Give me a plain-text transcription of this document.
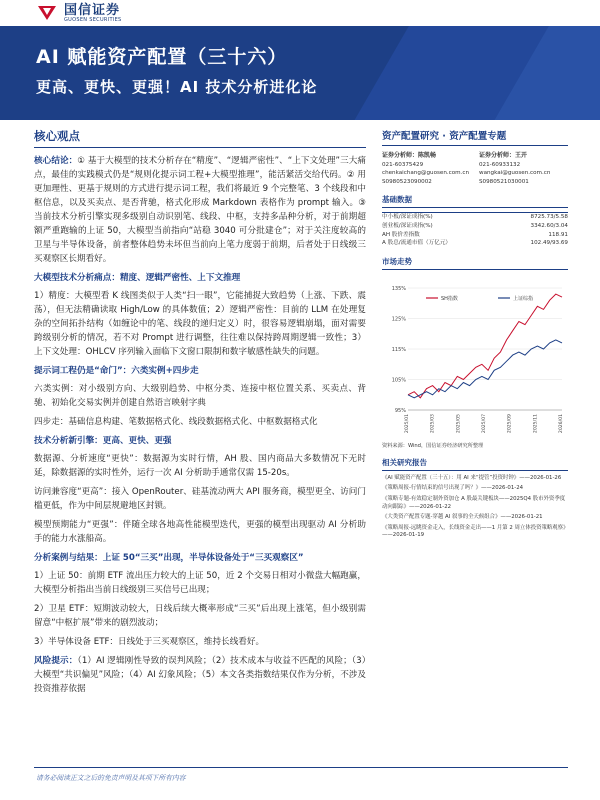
国信证券
GUOSEN SECURITIES
AI 赋能资产配置（三十六）
更高、更快、更强！AI 技术分析进化论
核心观点

核心结论：① 基于大模型的技术分析存在“精度”、“逻辑严密性”、“上下文处理”三大痛点，最佳的实践模式仍是“规则化提示词工程+大模型推理”，能活紧活交给代码。② 用更加理性、更基于规则的方式进行提示词工程，我们将最近 9 个完整笔、3 个线段和中枢信息，以及买卖点、是否背驰，格式化形成 Markdown 表格作为 prompt 输入。③ 当前技术分析引擎实现多级别自动识别笔、线段、中枢，支持多品种分析，对于前期超额严重跑输的上证 50，大模型当前指向“站稳 3040 可分批建仓”；对于关注度较高的卫星与半导体设备，前者整体趋势未坏但当前向上笔力度弱于前期，后者处于日线级三买观察区长期看好。

大模型技术分析痛点：精度、逻辑严密性、上下文推理

1）精度：大模型看 K 线图类似于人类“扫一眼”，它能捕捉大致趋势（上涨、下跌、震荡），但无法精确读取 High/Low 的具体数值；2）逻辑严密性：目前的 LLM 在处理复杂的空间拓扑结构（如缠论中的笔、线段的递归定义）时，很容易逻辑崩塌，面对需要跨级别分析的情况，若不对 Prompt 进行调整，往往难以保持跨周期逻辑一致性；3）上下文处理：OHLCV 序列输入面临下文窗口限制和数字敏感性缺失的问题。

提示词工程仍是“命门”：六类实例+四步走

六类实例：对小级别方向、大级别趋势、中枢分类、连接中枢位置关系、买卖点、背驰、初始化交易实例并创建自然语言映射字典

四步走：基础信息构建、笔数据格式化、线段数据格式化、中枢数据格式化

技术分析新引擎：更高、更快、更强

数据源、分析速度“更快”：数据源为实时行情，AH 股、国内商品大多数情况下无时延，除数据源的实时性外，运行一次 AI 分析助手通常仅需 15-20s。

访问兼容度“更高”：接入 OpenRouter、硅基流动两大 API 服务商，模型更全、访问门槛更低，作为中间层规避地区封锁。

模型预期能力“更强”：伴随全球各地高性能模型迭代，更强的模型出现驱动 AI 分析助手的能力水涨船高。

分析案例与结果：上证 50“三买”出现，半导体设备处于“三买观察区”

1）上证 50：前期 ETF 流出压力较大的上证 50，近 2 个交易日相对小微盘大幅跑赢，大模型分析指出当前日线级别三买信号已出现；

2）卫星 ETF：短期波动较大，日线后续大概率形成“三买”后出现上涨笔，但小级别需留意“中枢扩展”带来的剧烈波动；

3）半导体设备 ETF：日线处于三买观察区，维持长线看好。

风险提示：（1）AI 逻辑刚性导致的误判风险；（2）技术成本与收益不匹配的风险；（3）大模型“共识偏见”风险；（4）AI 幻象风险；（5）本文各类指数结果仅作为分析，不涉及投资推荐依据

资产配置研究 · 资产配置专题
证券分析师：陈凯畅
021-60375429
chenkaichang@guosen.com.cn
S0980523090002
证券分析师：王开
021-60933132
wangkai@guosen.com.cn
S0980521030001
基础数据
中小板/深证成指(%)	8725.73/5.58
创业板/深证成指(%)	3342.60/3.04
AH 股价差指数	118.91
A 股总/流通市值（万亿元）	102.49/93.69
市场走势
135%
125%
115%
105%
95%
2025/01	2025/03	2025/05	2025/07	2025/09	2025/11	2026/01
SH指数	上证综指
资料来源：Wind，国信证券经济研究所整理
相关研究报告
《AI 赋能资产配置（三十五）：用 AI 来“提管”投资时钟》——2026-01-26
《策略周报-行情结束的信号出现了吗？》——2026-01-24
《策略专题-有效稳定制外资加仓 A 股最关键板块——2025Q4 股市外资季度动向跟踪》——2026-01-22
《大类资产配置专题-穿越 AI 叙事的全天候组合》——2026-01-21
《策略周报-远眺资金走入，长线资金走出——1 月第 2 周立体投资策略观察》——2026-01-19
请务必阅读正文之后的免责声明及其项下所有内容
